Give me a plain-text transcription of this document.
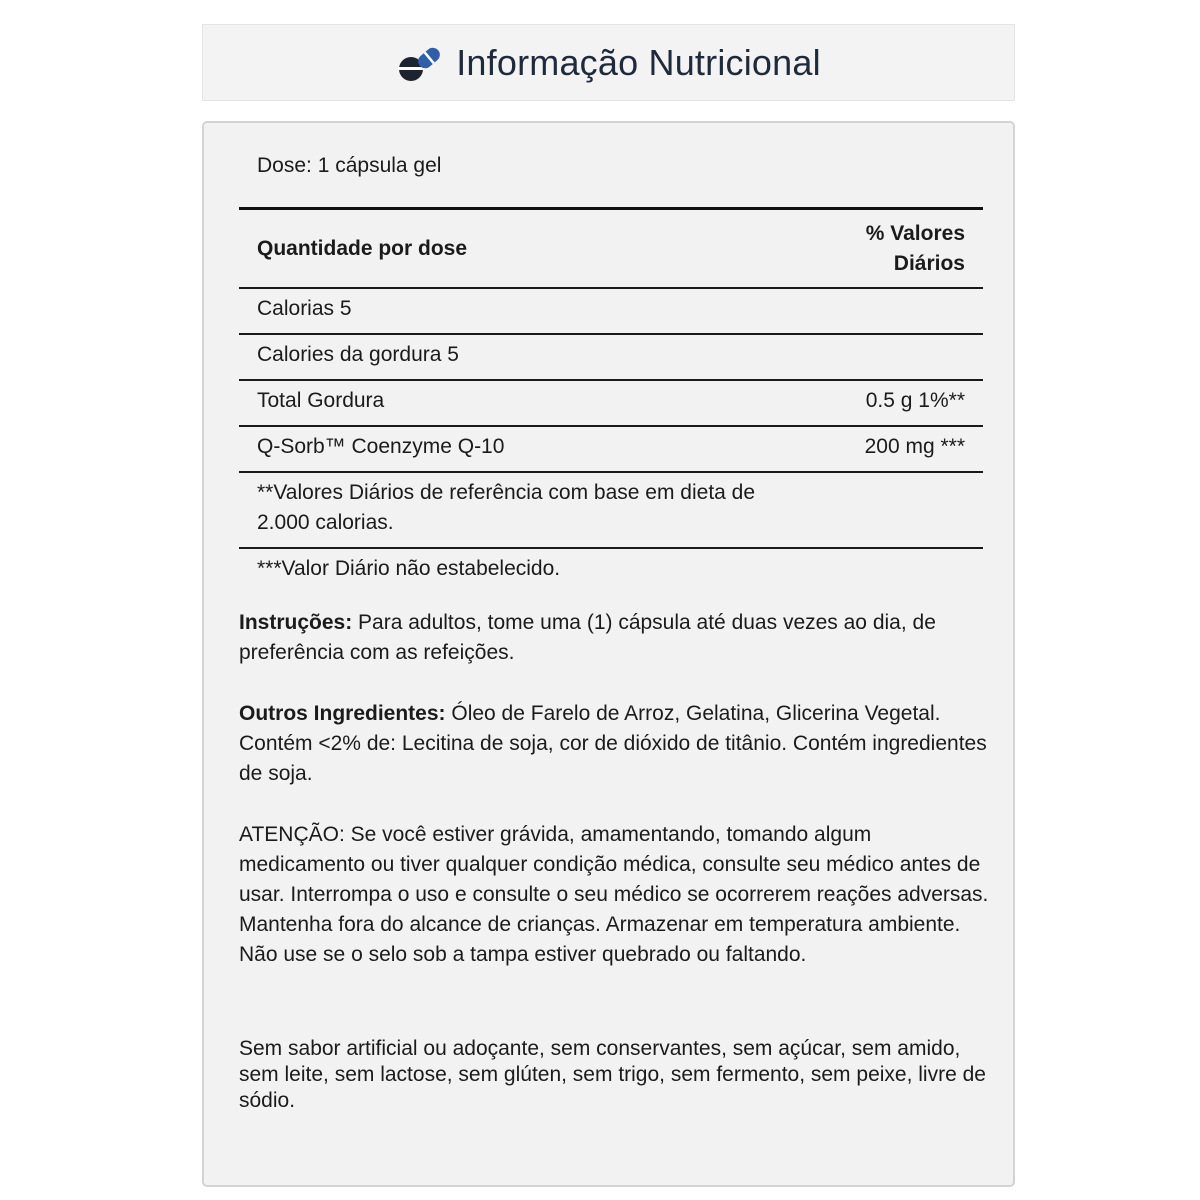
Informação Nutricional
Dose: 1 cápsula gel
Quantidade por dose
% Valores
Diários
Calorias 5
Calories da gordura 5
Total Gordura	0.5 g 1%**
Q-Sorb™ Coenzyme Q-10	200 mg ***
**Valores Diários de referência com base em dieta de 2.000 calorias.
***Valor Diário não estabelecido.
Instruções: Para adultos, tome uma (1) cápsula até duas vezes ao dia, de preferência com as refeições.
Outros Ingredientes: Óleo de Farelo de Arroz, Gelatina, Glicerina Vegetal. Contém <2% de: Lecitina de soja, cor de dióxido de titânio. Contém ingredientes de soja.
ATENÇÃO: Se você estiver grávida, amamentando, tomando algum medicamento ou tiver qualquer condição médica, consulte seu médico antes de usar. Interrompa o uso e consulte o seu médico se ocorrerem reações adversas. Mantenha fora do alcance de crianças. Armazenar em temperatura ambiente. Não use se o selo sob a tampa estiver quebrado ou faltando.
Sem sabor artificial ou adoçante, sem conservantes, sem açúcar, sem amido, sem leite, sem lactose, sem glúten, sem trigo, sem fermento, sem peixe, livre de sódio.
